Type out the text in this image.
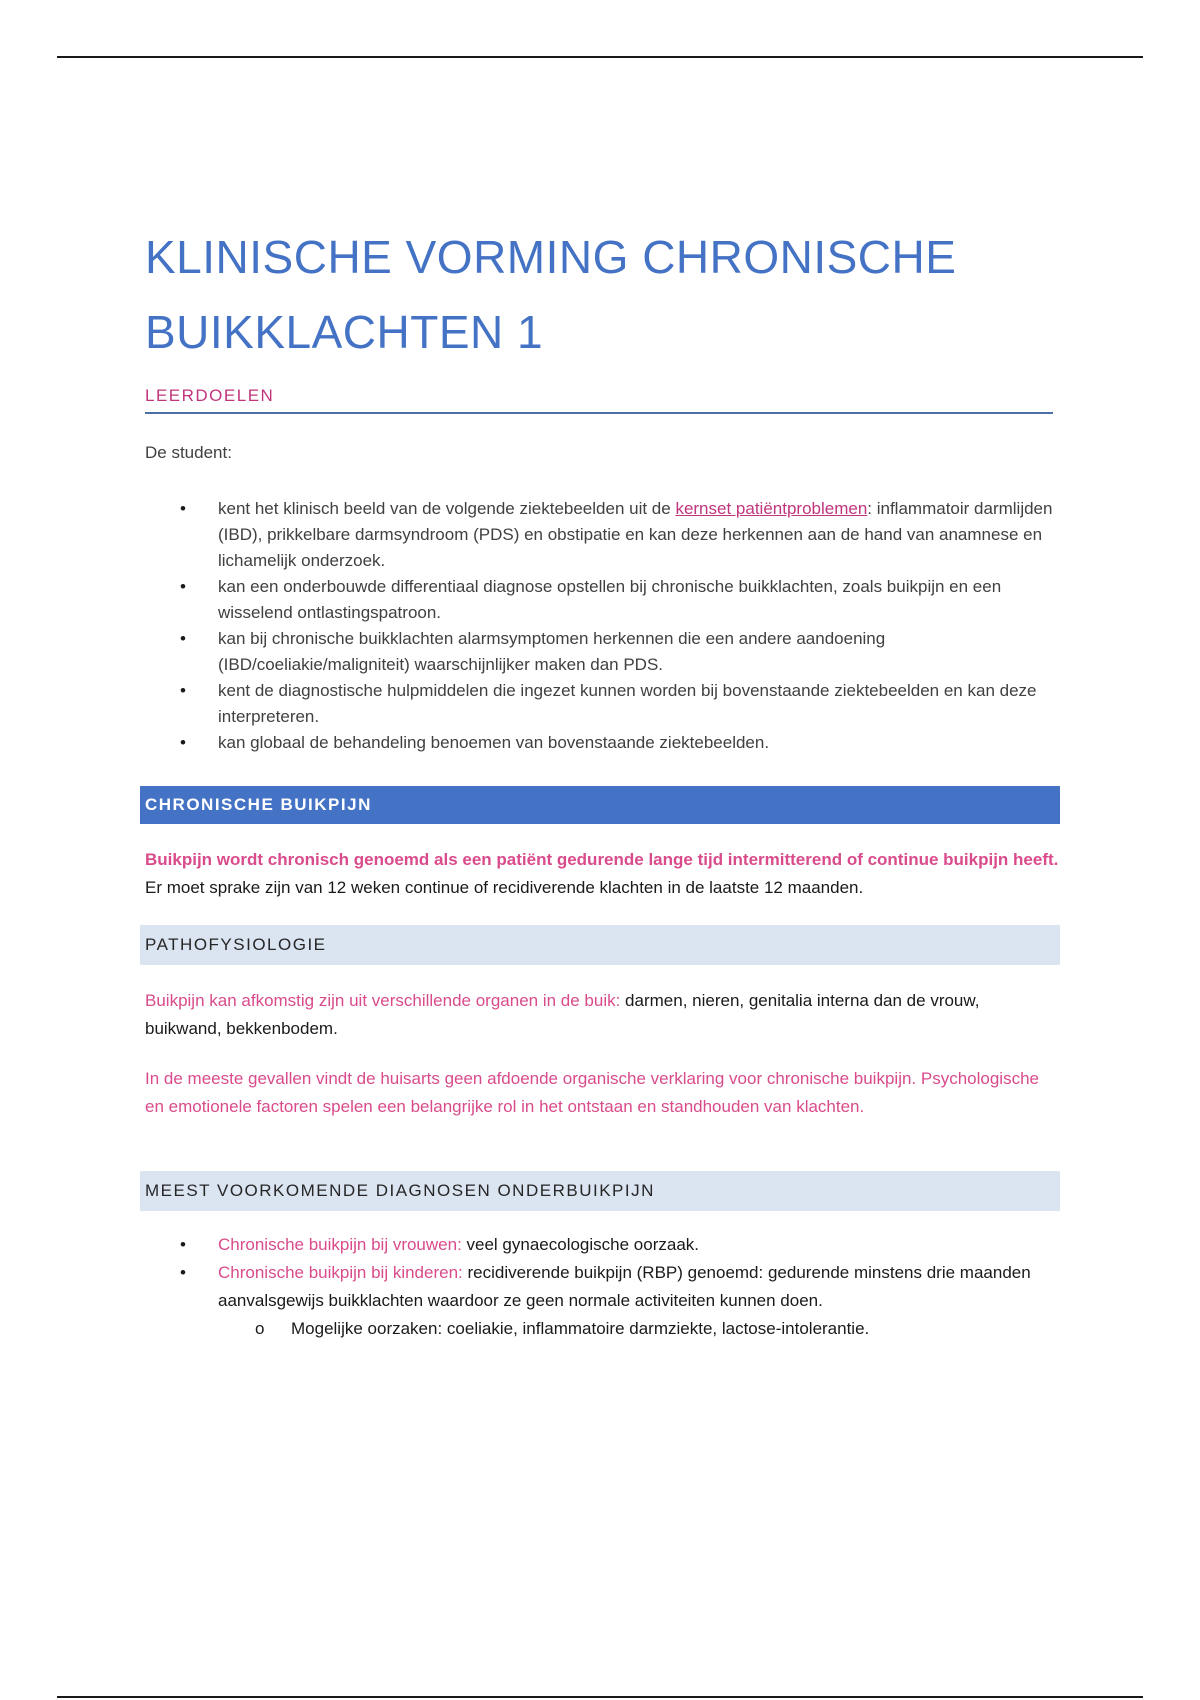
KLINISCHE VORMING CHRONISCHE
BUIKKLACHTEN 1
LEERDOELEN
De student:
• kent het klinisch beeld van de volgende ziektebeelden uit de kernset patiëntproblemen: inflammatoir darmlijden (IBD), prikkelbare darmsyndroom (PDS) en obstipatie en kan deze herkennen aan de hand van anamnese en lichamelijk onderzoek.
• kan een onderbouwde differentiaal diagnose opstellen bij chronische buikklachten, zoals buikpijn en een wisselend ontlastingspatroon.
• kan bij chronische buikklachten alarmsymptomen herkennen die een andere aandoening (IBD/coeliakie/maligniteit) waarschijnlijker maken dan PDS.
• kent de diagnostische hulpmiddelen die ingezet kunnen worden bij bovenstaande ziektebeelden en kan deze interpreteren.
• kan globaal de behandeling benoemen van bovenstaande ziektebeelden.
CHRONISCHE BUIKPIJN

Buikpijn wordt chronisch genoemd als een patiënt gedurende lange tijd intermitterend of continue buikpijn heeft. Er moet sprake zijn van 12 weken continue of recidiverende klachten in de laatste 12 maanden.

PATHOFYSIOLOGIE

Buikpijn kan afkomstig zijn uit verschillende organen in de buik: darmen, nieren, genitalia interna dan de vrouw, buikwand, bekkenbodem.

In de meeste gevallen vindt de huisarts geen afdoende organische verklaring voor chronische buikpijn. Psychologische en emotionele factoren spelen een belangrijke rol in het ontstaan en standhouden van klachten.

MEEST VOORKOMENDE DIAGNOSEN ONDERBUIKPIJN
• Chronische buikpijn bij vrouwen: veel gynaecologische oorzaak.
• Chronische buikpijn bij kinderen: recidiverende buikpijn (RBP) genoemd: gedurende minstens drie maanden aanvalsgewijs buikklachten waardoor ze geen normale activiteiten kunnen doen.
o Mogelijke oorzaken: coeliakie, inflammatoire darmziekte, lactose-intolerantie.
